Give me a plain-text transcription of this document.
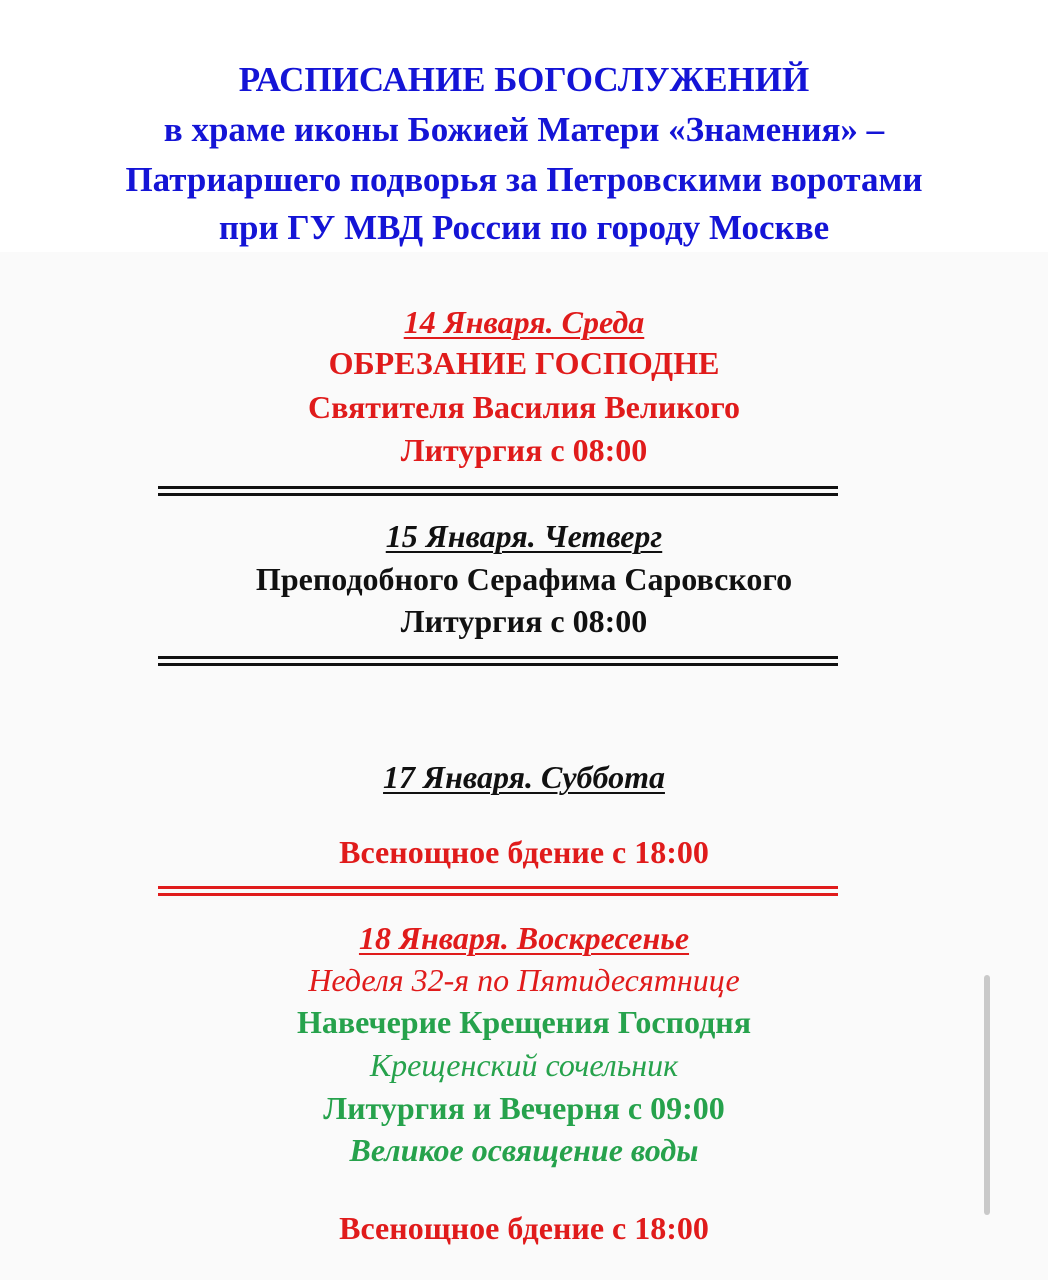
РАСПИСАНИЕ БОГОСЛУЖЕНИЙ
в храме иконы Божией Матери «Знамения» –
Патриаршего подворья за Петровскими воротами
при ГУ МВД России по городу Москве
14 Января. Среда
ОБРЕЗАНИЕ ГОСПОДНЕ
Святителя Василия Великого
Литургия с 08:00
15 Января. Четверг
Преподобного Серафима Саровского
Литургия с 08:00
17 Января. Суббота
Всенощное бдение с 18:00
18 Января. Воскресенье
Неделя 32-я по Пятидесятнице
Навечерие Крещения Господня
Крещенский сочельник
Литургия и Вечерня с 09:00
Великое освящение воды
Всенощное бдение с 18:00
